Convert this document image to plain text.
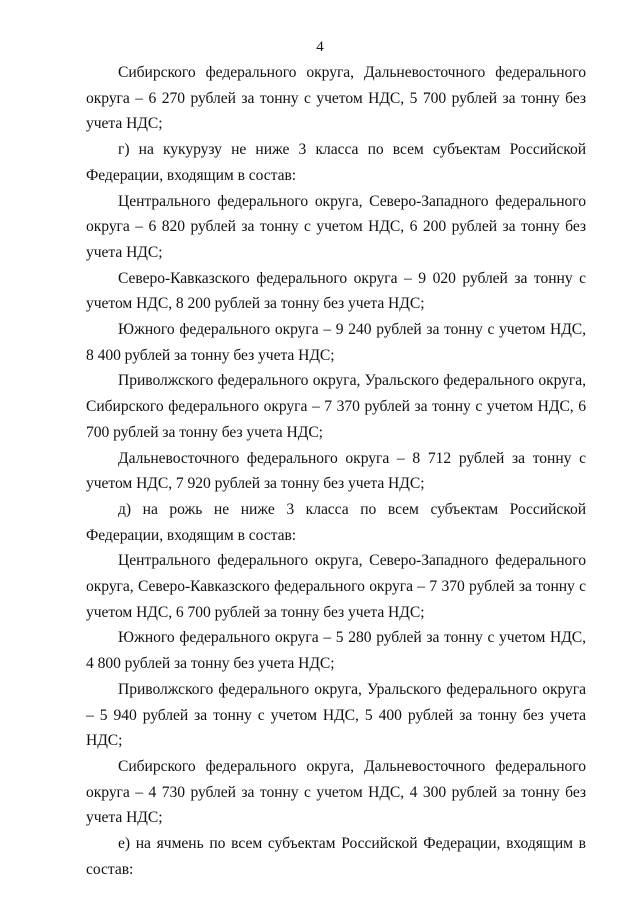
4

Сибирского федерального округа, Дальневосточного федерального округа – 6 270 рублей за тонну с учетом НДС, 5 700 рублей за тонну без учета НДС;

г) на кукурузу не ниже 3 класса по всем субъектам Российской Федерации, входящим в состав:

Центрального федерального округа, Северо-Западного федерального округа – 6 820 рублей за тонну с учетом НДС, 6 200 рублей за тонну без учета НДС;

Северо-Кавказского федерального округа – 9 020 рублей за тонну с учетом НДС, 8 200 рублей за тонну без учета НДС;

Южного федерального округа – 9 240 рублей за тонну с учетом НДС, 8 400 рублей за тонну без учета НДС;

Приволжского федерального округа, Уральского федерального округа, Сибирского федерального округа – 7 370 рублей за тонну с учетом НДС, 6 700 рублей за тонну без учета НДС;

Дальневосточного федерального округа – 8 712 рублей за тонну с учетом НДС, 7 920 рублей за тонну без учета НДС;

д) на рожь не ниже 3 класса по всем субъектам Российской Федерации, входящим в состав:

Центрального федерального округа, Северо-Западного федерального округа, Северо-Кавказского федерального округа – 7 370 рублей за тонну с учетом НДС, 6 700 рублей за тонну без учета НДС;

Южного федерального округа – 5 280 рублей за тонну с учетом НДС, 4 800 рублей за тонну без учета НДС;

Приволжского федерального округа, Уральского федерального округа – 5 940 рублей за тонну с учетом НДС, 5 400 рублей за тонну без учета НДС;

Сибирского федерального округа, Дальневосточного федерального округа – 4 730 рублей за тонну с учетом НДС, 4 300 рублей за тонну без учета НДС;

е) на ячмень по всем субъектам Российской Федерации, входящим в состав:
